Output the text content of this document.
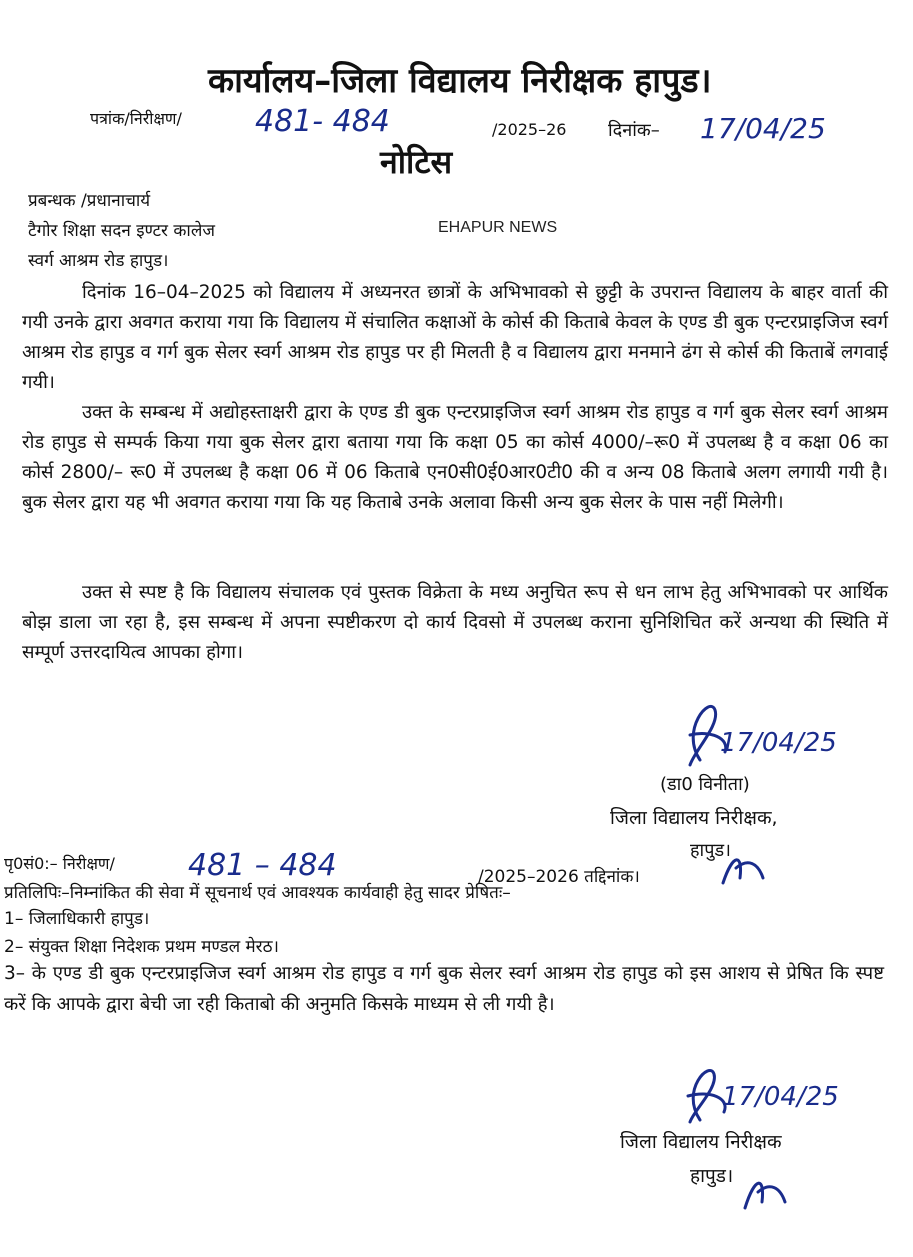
कार्यालय–जिला विद्यालय निरीक्षक हापुड।
पत्रांक/निरीक्षण/ 481- 484	/2025–26 दिनांक– 17/04/25
नोटिस
प्रबन्धक /प्रधानाचार्य
टैगोर शिक्षा सदन इण्टर कालेज
स्वर्ग आश्रम रोड हापुड।
EHAPUR NEWS
दिनांक 16–04–2025 को विद्यालय में अध्यनरत छात्रों के अभिभावको से छुट्टी के उपरान्त विद्यालय के बाहर वार्ता की गयी उनके द्वारा अवगत कराया गया कि विद्यालय में संचालित कक्षाओं के कोर्स की किताबे केवल के एण्ड डी बुक एन्टरप्राइजिज स्वर्ग आश्रम रोड हापुड व गर्ग बुक सेलर स्वर्ग आश्रम रोड हापुड पर ही मिलती है व विद्यालय द्वारा मनमाने ढंग से कोर्स की किताबें लगवाई गयी।
उक्त के सम्बन्ध में अद्योहस्ताक्षरी द्वारा के एण्ड डी बुक एन्टरप्राइजिज स्वर्ग आश्रम रोड हापुड व गर्ग बुक सेलर स्वर्ग आश्रम रोड हापुड से सम्पर्क किया गया बुक सेलर द्वारा बताया गया कि कक्षा 05 का कोर्स 4000/–रू0 में उपलब्ध है व कक्षा 06 का कोर्स 2800/– रू0 में उपलब्ध है कक्षा 06 में 06 किताबे एन0सी0ई0आर0टी0 की व अन्य 08 किताबे अलग लगायी गयी है। बुक सेलर द्वारा यह भी अवगत कराया गया कि यह किताबे उनके अलावा किसी अन्य बुक सेलर के पास नहीं मिलेगी।
उक्त से स्पष्ट है कि विद्यालय संचालक एवं पुस्तक विक्रेता के मध्य अनुचित रूप से धन लाभ हेतु अभिभावको पर आर्थिक बोझ डाला जा रहा है, इस सम्बन्ध में अपना स्पष्टीकरण दो कार्य दिवसो में उपलब्ध कराना सुनिशिचित करें अन्यथा की स्थिति में सम्पूर्ण उत्तरदायित्व आपका होगा।
17/04/25
(डा0 विनीता)
जिला विद्यालय निरीक्षक,
हापुड।
पृ0सं0:– निरीक्षण/ 481 – 484	/2025–2026 तद्दिनांक।
प्रतिलिपिः–निम्नांकित की सेवा में सूचनार्थ एवं आवश्यक कार्यवाही हेतु सादर प्रेषितः–
1– जिलाधिकारी हापुड।
2– संयुक्त शिक्षा निदेशक प्रथम मण्डल मेरठ।
3– के एण्ड डी बुक एन्टरप्राइजिज स्वर्ग आश्रम रोड हापुड व गर्ग बुक सेलर स्वर्ग आश्रम रोड हापुड को इस आशय से प्रेषित कि स्पष्ट करें कि आपके द्वारा बेची जा रही किताबो की अनुमति किसके माध्यम से ली गयी है।
17/04/25
जिला विद्यालय निरीक्षक
हापुड।
